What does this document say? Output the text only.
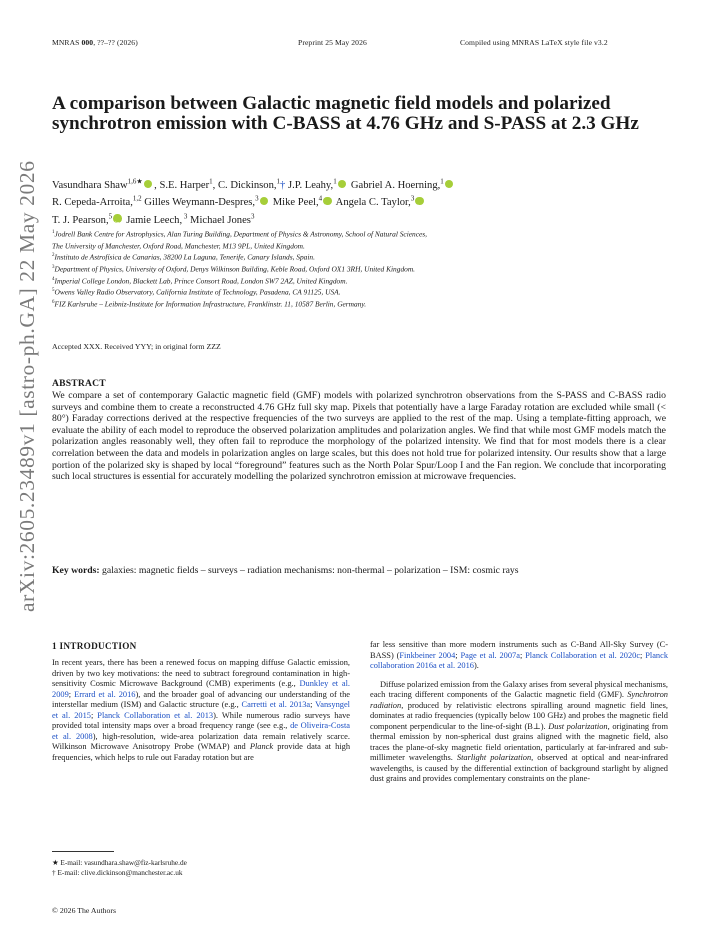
MNRAS 000, ??–?? (2026)	Preprint 25 May 2026	Compiled using MNRAS LaTeX style file v3.2
arXiv:2605.23489v1 [astro-ph.GA] 22 May 2026
A comparison between Galactic magnetic field models and polarized synchrotron emission with C-BASS at 4.76 GHz and S-PASS at 2.3 GHz
Vasundhara Shaw$^{1,6★}$iD , S.E. Harper$^1$, C. Dickinson,$^1$† J.P. Leahy,$^1$iD Gabriel A. Hoerning,$^1$iD
R. Cepeda-Arroita,$^{1,2}$ Gilles Weymann-Despres,$^3$iD Mike Peel,$^4$iD Angela C. Taylor,$^3$iD
T. J. Pearson,$^5$iD Jamie Leech, $^3$ Michael Jones$^3$
$^1$Jodrell Bank Centre for Astrophysics, Alan Turing Building, Department of Physics & Astronomy, School of Natural Sciences,
The University of Manchester, Oxford Road, Manchester, M13 9PL, United Kingdom.
$^2$Instituto de Astrofísica de Canarias, 38200 La Laguna, Tenerife, Canary Islands, Spain.
$^3$Department of Physics, University of Oxford, Denys Wilkinson Building, Keble Road, Oxford OX1 3RH, United Kingdom.
$^4$Imperial College London, Blackett Lab, Prince Consort Road, London SW7 2AZ, United Kingdom.
$^5$Owens Valley Radio Observatory, California Institute of Technology, Pasadena, CA 91125, USA.
$^6$FIZ Karlsruhe – Leibniz-Institute for Information Infrastructure, Franklinstr. 11, 10587 Berlin, Germany.
Accepted XXX. Received YYY; in original form ZZZ
ABSTRACT
We compare a set of contemporary Galactic magnetic field (GMF) models with polarized synchrotron observations from the S-PASS and C-BASS radio surveys and combine them to create a reconstructed 4.76 GHz full sky map. Pixels that potentially have a large Faraday rotation are excluded while small (< 80°) Faraday corrections derived at the respective frequencies of the two surveys are applied to the rest of the map. Using a template-fitting approach, we evaluate the ability of each model to reproduce the observed polarization amplitudes and polarization angles. We find that while most GMF models match the polarization angles reasonably well, they often fail to reproduce the morphology of the polarized intensity. We find that for most models there is a clear correlation between the data and models in polarization angles on large scales, but this does not hold true for polarized intensity. Our results show that a large portion of the polarized sky is shaped by local “foreground” features such as the North Polar Spur/Loop I and the Fan region. We conclude that incorporating such local structures is essential for accurately modelling the polarized synchrotron emission at microwave frequencies.
Key words: galaxies: magnetic fields – surveys – radiation mechanisms: non-thermal – polarization – ISM: cosmic rays
1 INTRODUCTION

In recent years, there has been a renewed focus on mapping diffuse Galactic emission, driven by two key motivations: the need to subtract foreground contamination in high-sensitivity Cosmic Microwave Background (CMB) experiments (e.g., Dunkley et al. 2009; Errard et al. 2016), and the broader goal of advancing our understanding of the interstellar medium (ISM) and Galactic structure (e.g., Carretti et al. 2013a; Vansyngel et al. 2015; Planck Collaboration et al. 2013). While numerous radio surveys have provided total intensity maps over a broad frequency range (see e.g., de Oliveira-Costa et al. 2008), high-resolution, wide-area polarization data remain relatively scarce. Wilkinson Microwave Anisotropy Probe (WMAP) and Planck provide data at high frequencies, which helps to rule out Faraday rotation but are

far less sensitive than more modern instruments such as C-Band All-Sky Survey (C-BASS) (Finkbeiner 2004; Page et al. 2007a; Planck Collaboration et al. 2020c; Planck collaboration 2016a et al. 2016).

Diffuse polarized emission from the Galaxy arises from several physical mechanisms, each tracing different components of the Galactic magnetic field (GMF). Synchrotron radiation, produced by relativistic electrons spiralling around magnetic field lines, dominates at radio frequencies (typically below 100 GHz) and probes the magnetic field component perpendicular to the line-of-sight (B⊥). Dust polarization, originating from thermal emission by non-spherical dust grains aligned with the magnetic field, also traces the plane-of-sky magnetic field orientation, particularly at far-infrared and sub-millimeter wavelengths. Starlight polarization, observed at optical and near-infrared wavelengths, is caused by the differential extinction of background starlight by aligned dust grains and provides complementary constraints on the plane-

★ E-mail: vasundhara.shaw@fiz-karlsruhe.de
† E-mail: clive.dickinson@manchester.ac.uk
© 2026 The Authors
